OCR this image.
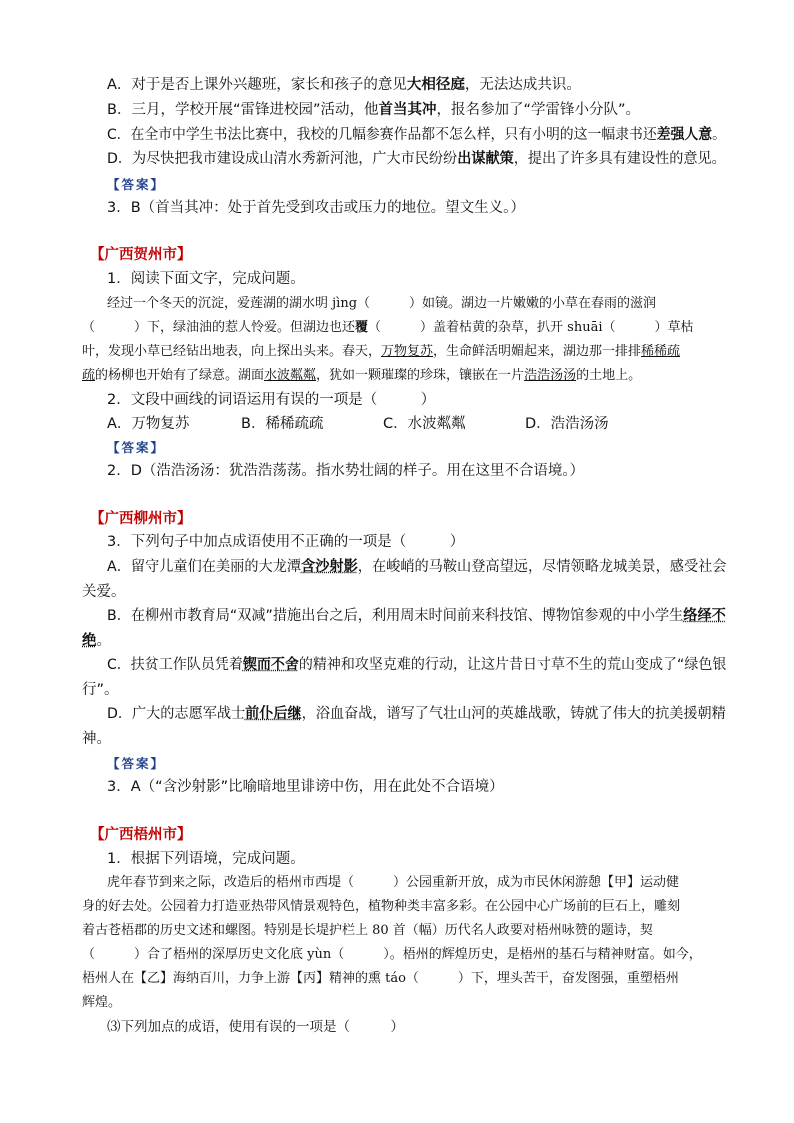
A．对于是否上课外兴趣班，家长和孩子的意见大相径庭，无法达成共识。
B．三月，学校开展“雷锋进校园”活动，他首当其冲，报名参加了“学雷锋小分队”。
C．在全市中学生书法比赛中，我校的几幅参赛作品都不怎么样，只有小明的这一幅隶书还差强人意。
D．为尽快把我市建设成山清水秀新河池，广大市民纷纷出谋献策，提出了许多具有建设性的意见。
【答案】
3．B（首当其冲：处于首先受到攻击或压力的地位。望文生义。）
【广西贺州市】
1．阅读下面文字，完成问题。
经过一个冬天的沉淀，爱莲湖的湖水明 jìng（　　　）如镜。湖边一片嫩嫩的小草在春雨的滋润
（　　　）下，绿油油的惹人怜爱。但湖边也还覆（　　　）盖着枯黄的杂草，扒开 shuāi（　　　）草枯
叶，发现小草已经钻出地表，向上探出头来。春天，万物复苏，生命鲜活明媚起来，湖边那一排排稀稀疏
疏的杨柳也开始有了绿意。湖面水波粼粼，犹如一颗璀璨的珍珠，镶嵌在一片浩浩汤汤的土地上。
2．文段中画线的词语运用有误的一项是（　　　）
A．万物复苏	B．稀稀疏疏	C．水波粼粼	D．浩浩汤汤
【答案】
2．D（浩浩汤汤：犹浩浩荡荡。指水势壮阔的样子。用在这里不合语境。）
【广西柳州市】
3．下列句子中加点成语使用不正确的一项是（　　　）
A．留守儿童们在美丽的大龙潭含沙射影，在峻峭的马鞍山登高望远，尽情领略龙城美景，感受社会
关爱。
B．在柳州市教育局“双减”措施出台之后，利用周末时间前来科技馆、博物馆参观的中小学生络绎不
绝。
C．扶贫工作队员凭着锲而不舍的精神和攻坚克难的行动，让这片昔日寸草不生的荒山变成了“绿色银
行”。
D．广大的志愿军战士前仆后继，浴血奋战，谱写了气壮山河的英雄战歌，铸就了伟大的抗美援朝精
神。
【答案】
3．A（“含沙射影”比喻暗地里诽谤中伤，用在此处不合语境）
【广西梧州市】
1．根据下列语境，完成问题。
虎年春节到来之际，改造后的梧州市西堤（　　　）公园重新开放，成为市民休闲游憩【甲】运动健
身的好去处。公园着力打造亚热带风情景观特色，植物种类丰富多彩。在公园中心广场前的巨石上，雕刻
着古苍梧郡的历史文述和螺图。特别是长堤护栏上 80 首（幅）历代名人政要对梧州咏赞的题诗，契
（　　　）合了梧州的深厚历史文化底 yùn（　　　）。梧州的辉煌历史，是梧州的基石与精神财富。如今，
梧州人在【乙】海纳百川，力争上游【丙】精神的熏 táo（　　　）下，埋头苦干，奋发图强，重塑梧州
辉煌。
⑶下列加点的成语，使用有误的一项是（　　　）
